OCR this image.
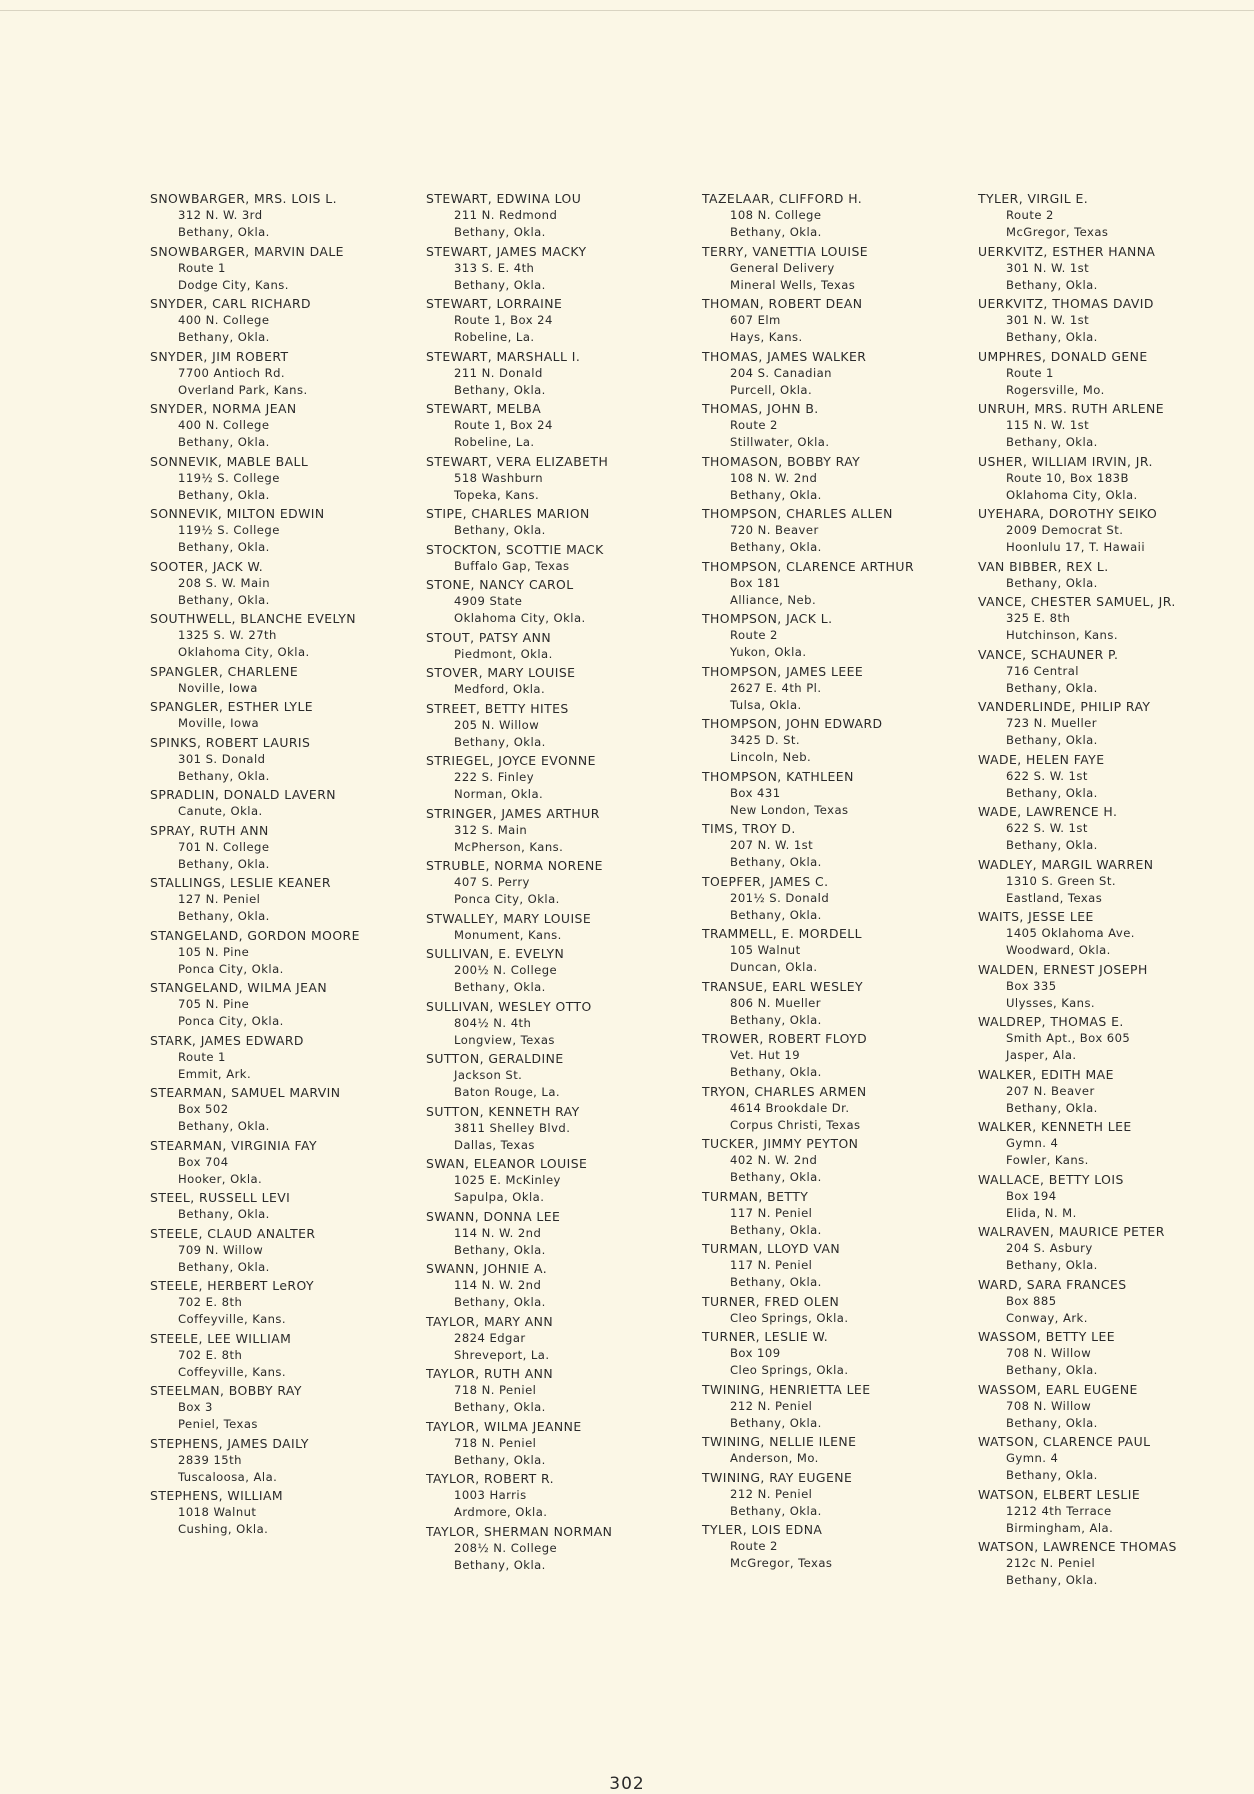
SNOWBARGER, MRS. LOIS L.
312 N. W. 3rd
Bethany, Okla.
SNOWBARGER, MARVIN DALE
Route 1
Dodge City, Kans.
SNYDER, CARL RICHARD
400 N. College
Bethany, Okla.
SNYDER, JIM ROBERT
7700 Antioch Rd.
Overland Park, Kans.
SNYDER, NORMA JEAN
400 N. College
Bethany, Okla.
SONNEVIK, MABLE BALL
119½ S. College
Bethany, Okla.
SONNEVIK, MILTON EDWIN
119½ S. College
Bethany, Okla.
SOOTER, JACK W.
208 S. W. Main
Bethany, Okla.
SOUTHWELL, BLANCHE EVELYN
1325 S. W. 27th
Oklahoma City, Okla.
SPANGLER, CHARLENE
Noville, Iowa
SPANGLER, ESTHER LYLE
Moville, Iowa
SPINKS, ROBERT LAURIS
301 S. Donald
Bethany, Okla.
SPRADLIN, DONALD LAVERN
Canute, Okla.
SPRAY, RUTH ANN
701 N. College
Bethany, Okla.
STALLINGS, LESLIE KEANER
127 N. Peniel
Bethany, Okla.
STANGELAND, GORDON MOORE
105 N. Pine
Ponca City, Okla.
STANGELAND, WILMA JEAN
705 N. Pine
Ponca City, Okla.
STARK, JAMES EDWARD
Route 1
Emmit, Ark.
STEARMAN, SAMUEL MARVIN
Box 502
Bethany, Okla.
STEARMAN, VIRGINIA FAY
Box 704
Hooker, Okla.
STEEL, RUSSELL LEVI
Bethany, Okla.
STEELE, CLAUD ANALTER
709 N. Willow
Bethany, Okla.
STEELE, HERBERT LeROY
702 E. 8th
Coffeyville, Kans.
STEELE, LEE WILLIAM
702 E. 8th
Coffeyville, Kans.
STEELMAN, BOBBY RAY
Box 3
Peniel, Texas
STEPHENS, JAMES DAILY
2839 15th
Tuscaloosa, Ala.
STEPHENS, WILLIAM
1018 Walnut
Cushing, Okla.
STEWART, EDWINA LOU
211 N. Redmond
Bethany, Okla.
STEWART, JAMES MACKY
313 S. E. 4th
Bethany, Okla.
STEWART, LORRAINE
Route 1, Box 24
Robeline, La.
STEWART, MARSHALL I.
211 N. Donald
Bethany, Okla.
STEWART, MELBA
Route 1, Box 24
Robeline, La.
STEWART, VERA ELIZABETH
518 Washburn
Topeka, Kans.
STIPE, CHARLES MARION
Bethany, Okla.
STOCKTON, SCOTTIE MACK
Buffalo Gap, Texas
STONE, NANCY CAROL
4909 State
Oklahoma City, Okla.
STOUT, PATSY ANN
Piedmont, Okla.
STOVER, MARY LOUISE
Medford, Okla.
STREET, BETTY HITES
205 N. Willow
Bethany, Okla.
STRIEGEL, JOYCE EVONNE
222 S. Finley
Norman, Okla.
STRINGER, JAMES ARTHUR
312 S. Main
McPherson, Kans.
STRUBLE, NORMA NORENE
407 S. Perry
Ponca City, Okla.
STWALLEY, MARY LOUISE
Monument, Kans.
SULLIVAN, E. EVELYN
200½ N. College
Bethany, Okla.
SULLIVAN, WESLEY OTTO
804½ N. 4th
Longview, Texas
SUTTON, GERALDINE
Jackson St.
Baton Rouge, La.
SUTTON, KENNETH RAY
3811 Shelley Blvd.
Dallas, Texas
SWAN, ELEANOR LOUISE
1025 E. McKinley
Sapulpa, Okla.
SWANN, DONNA LEE
114 N. W. 2nd
Bethany, Okla.
SWANN, JOHNIE A.
114 N. W. 2nd
Bethany, Okla.
TAYLOR, MARY ANN
2824 Edgar
Shreveport, La.
TAYLOR, RUTH ANN
718 N. Peniel
Bethany, Okla.
TAYLOR, WILMA JEANNE
718 N. Peniel
Bethany, Okla.
TAYLOR, ROBERT R.
1003 Harris
Ardmore, Okla.
TAYLOR, SHERMAN NORMAN
208½ N. College
Bethany, Okla.
TAZELAAR, CLIFFORD H.
108 N. College
Bethany, Okla.
TERRY, VANETTIA LOUISE
General Delivery
Mineral Wells, Texas
THOMAN, ROBERT DEAN
607 Elm
Hays, Kans.
THOMAS, JAMES WALKER
204 S. Canadian
Purcell, Okla.
THOMAS, JOHN B.
Route 2
Stillwater, Okla.
THOMASON, BOBBY RAY
108 N. W. 2nd
Bethany, Okla.
THOMPSON, CHARLES ALLEN
720 N. Beaver
Bethany, Okla.
THOMPSON, CLARENCE ARTHUR
Box 181
Alliance, Neb.
THOMPSON, JACK L.
Route 2
Yukon, Okla.
THOMPSON, JAMES LEEE
2627 E. 4th Pl.
Tulsa, Okla.
THOMPSON, JOHN EDWARD
3425 D. St.
Lincoln, Neb.
THOMPSON, KATHLEEN
Box 431
New London, Texas
TIMS, TROY D.
207 N. W. 1st
Bethany, Okla.
TOEPFER, JAMES C.
201½ S. Donald
Bethany, Okla.
TRAMMELL, E. MORDELL
105 Walnut
Duncan, Okla.
TRANSUE, EARL WESLEY
806 N. Mueller
Bethany, Okla.
TROWER, ROBERT FLOYD
Vet. Hut 19
Bethany, Okla.
TRYON, CHARLES ARMEN
4614 Brookdale Dr.
Corpus Christi, Texas
TUCKER, JIMMY PEYTON
402 N. W. 2nd
Bethany, Okla.
TURMAN, BETTY
117 N. Peniel
Bethany, Okla.
TURMAN, LLOYD VAN
117 N. Peniel
Bethany, Okla.
TURNER, FRED OLEN
Cleo Springs, Okla.
TURNER, LESLIE W.
Box 109
Cleo Springs, Okla.
TWINING, HENRIETTA LEE
212 N. Peniel
Bethany, Okla.
TWINING, NELLIE ILENE
Anderson, Mo.
TWINING, RAY EUGENE
212 N. Peniel
Bethany, Okla.
TYLER, LOIS EDNA
Route 2
McGregor, Texas
TYLER, VIRGIL E.
Route 2
McGregor, Texas
UERKVITZ, ESTHER HANNA
301 N. W. 1st
Bethany, Okla.
UERKVITZ, THOMAS DAVID
301 N. W. 1st
Bethany, Okla.
UMPHRES, DONALD GENE
Route 1
Rogersville, Mo.
UNRUH, MRS. RUTH ARLENE
115 N. W. 1st
Bethany, Okla.
USHER, WILLIAM IRVIN, JR.
Route 10, Box 183B
Oklahoma City, Okla.
UYEHARA, DOROTHY SEIKO
2009 Democrat St.
Hoonlulu 17, T. Hawaii
VAN BIBBER, REX L.
Bethany, Okla.
VANCE, CHESTER SAMUEL, JR.
325 E. 8th
Hutchinson, Kans.
VANCE, SCHAUNER P.
716 Central
Bethany, Okla.
VANDERLINDE, PHILIP RAY
723 N. Mueller
Bethany, Okla.
WADE, HELEN FAYE
622 S. W. 1st
Bethany, Okla.
WADE, LAWRENCE H.
622 S. W. 1st
Bethany, Okla.
WADLEY, MARGIL WARREN
1310 S. Green St.
Eastland, Texas
WAITS, JESSE LEE
1405 Oklahoma Ave.
Woodward, Okla.
WALDEN, ERNEST JOSEPH
Box 335
Ulysses, Kans.
WALDREP, THOMAS E.
Smith Apt., Box 605
Jasper, Ala.
WALKER, EDITH MAE
207 N. Beaver
Bethany, Okla.
WALKER, KENNETH LEE
Gymn. 4
Fowler, Kans.
WALLACE, BETTY LOIS
Box 194
Elida, N. M.
WALRAVEN, MAURICE PETER
204 S. Asbury
Bethany, Okla.
WARD, SARA FRANCES
Box 885
Conway, Ark.
WASSOM, BETTY LEE
708 N. Willow
Bethany, Okla.
WASSOM, EARL EUGENE
708 N. Willow
Bethany, Okla.
WATSON, CLARENCE PAUL
Gymn. 4
Bethany, Okla.
WATSON, ELBERT LESLIE
1212 4th Terrace
Birmingham, Ala.
WATSON, LAWRENCE THOMAS
212c N. Peniel
Bethany, Okla.
302
